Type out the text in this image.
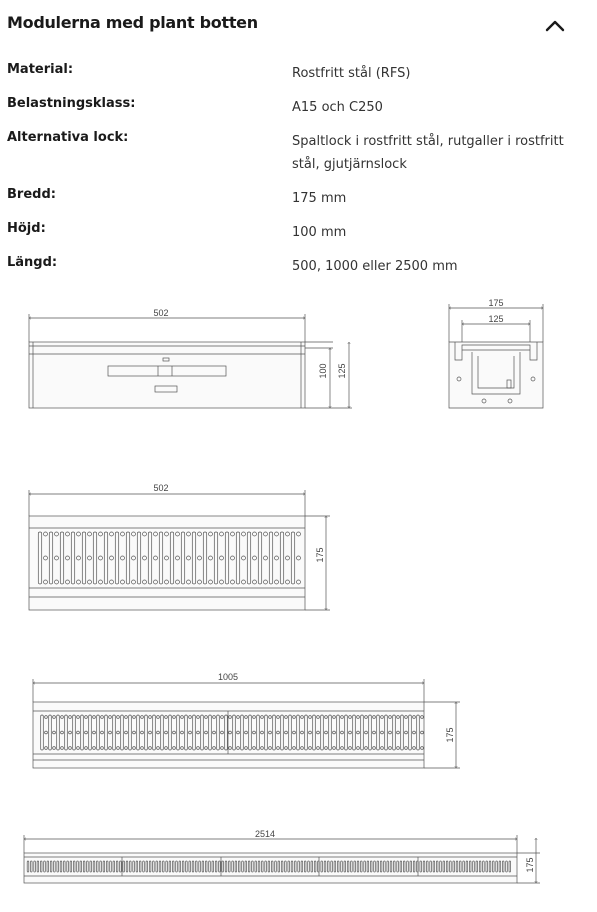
Modulerna med plant botten
Material:	Rostfritt stål (RFS)
Belastningsklass:	A15 och C250
Alternativa lock:	Spaltlock i rostfritt stål, rutgaller i rostfritt stål, gjutjärnslock
Bredd:	175 mm
Höjd:	100 mm
Längd:	500, 1000 eller 2500 mm
502
100 125
175
125
502
175
1005
175
2514
175
